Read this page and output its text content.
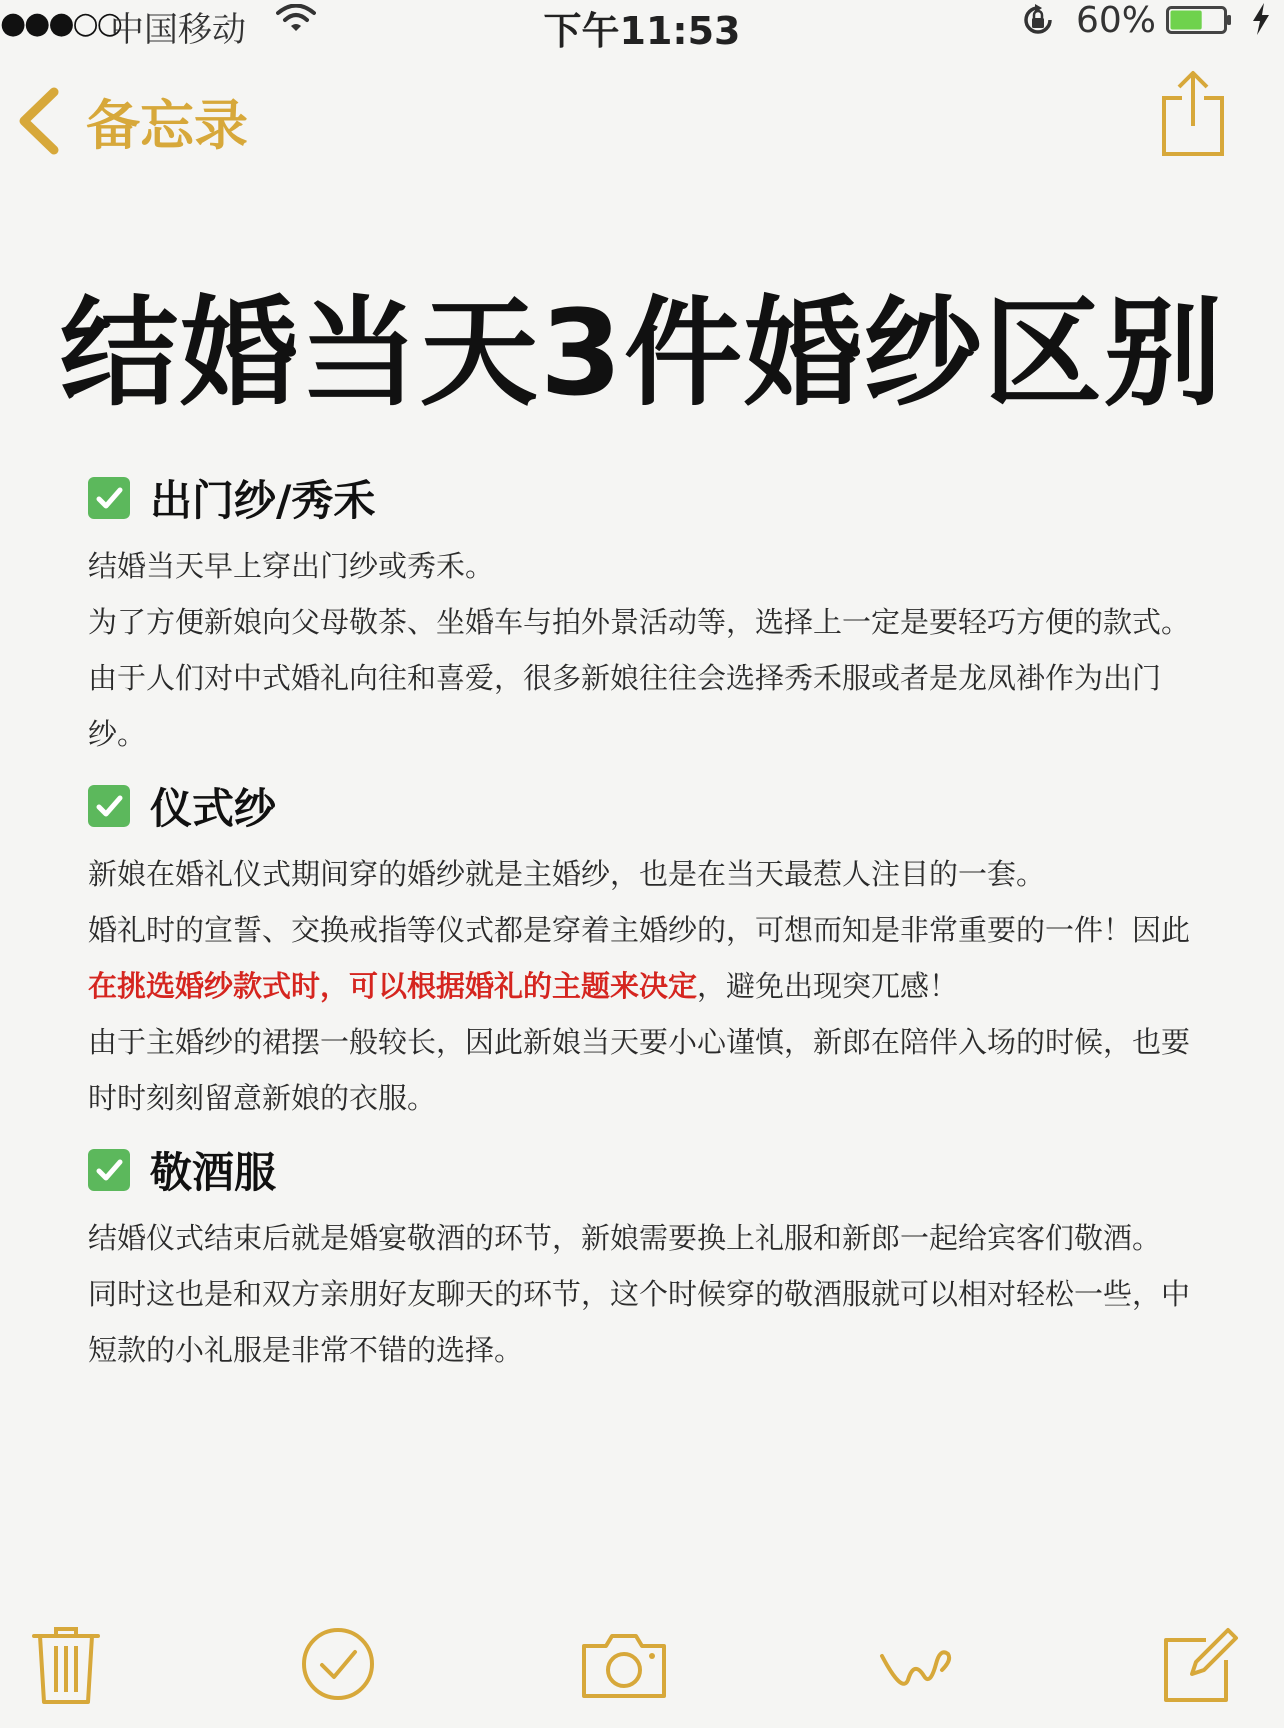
●●●○○
中国移动	下午11:53	60%
备忘录
结婚当天3件婚纱区别
出门纱/秀禾

结婚当天早上穿出门纱或秀禾。

为了方便新娘向父母敬茶、坐婚车与拍外景活动等，选择上一定是要轻巧方便的款式。

由于人们对中式婚礼向往和喜爱，很多新娘往往会选择秀禾服或者是龙凤褂作为出门纱。

仪式纱

新娘在婚礼仪式期间穿的婚纱就是主婚纱，也是在当天最惹人注目的一套。

婚礼时的宣誓、交换戒指等仪式都是穿着主婚纱的，可想而知是非常重要的一件！因此在挑选婚纱款式时，可以根据婚礼的主题来决定，避免出现突兀感！

由于主婚纱的裙摆一般较长，因此新娘当天要小心谨慎，新郎在陪伴入场的时候，也要时时刻刻留意新娘的衣服。

敬酒服

结婚仪式结束后就是婚宴敬酒的环节，新娘需要换上礼服和新郎一起给宾客们敬酒。

同时这也是和双方亲朋好友聊天的环节，这个时候穿的敬酒服就可以相对轻松一些，中短款的小礼服是非常不错的选择。
